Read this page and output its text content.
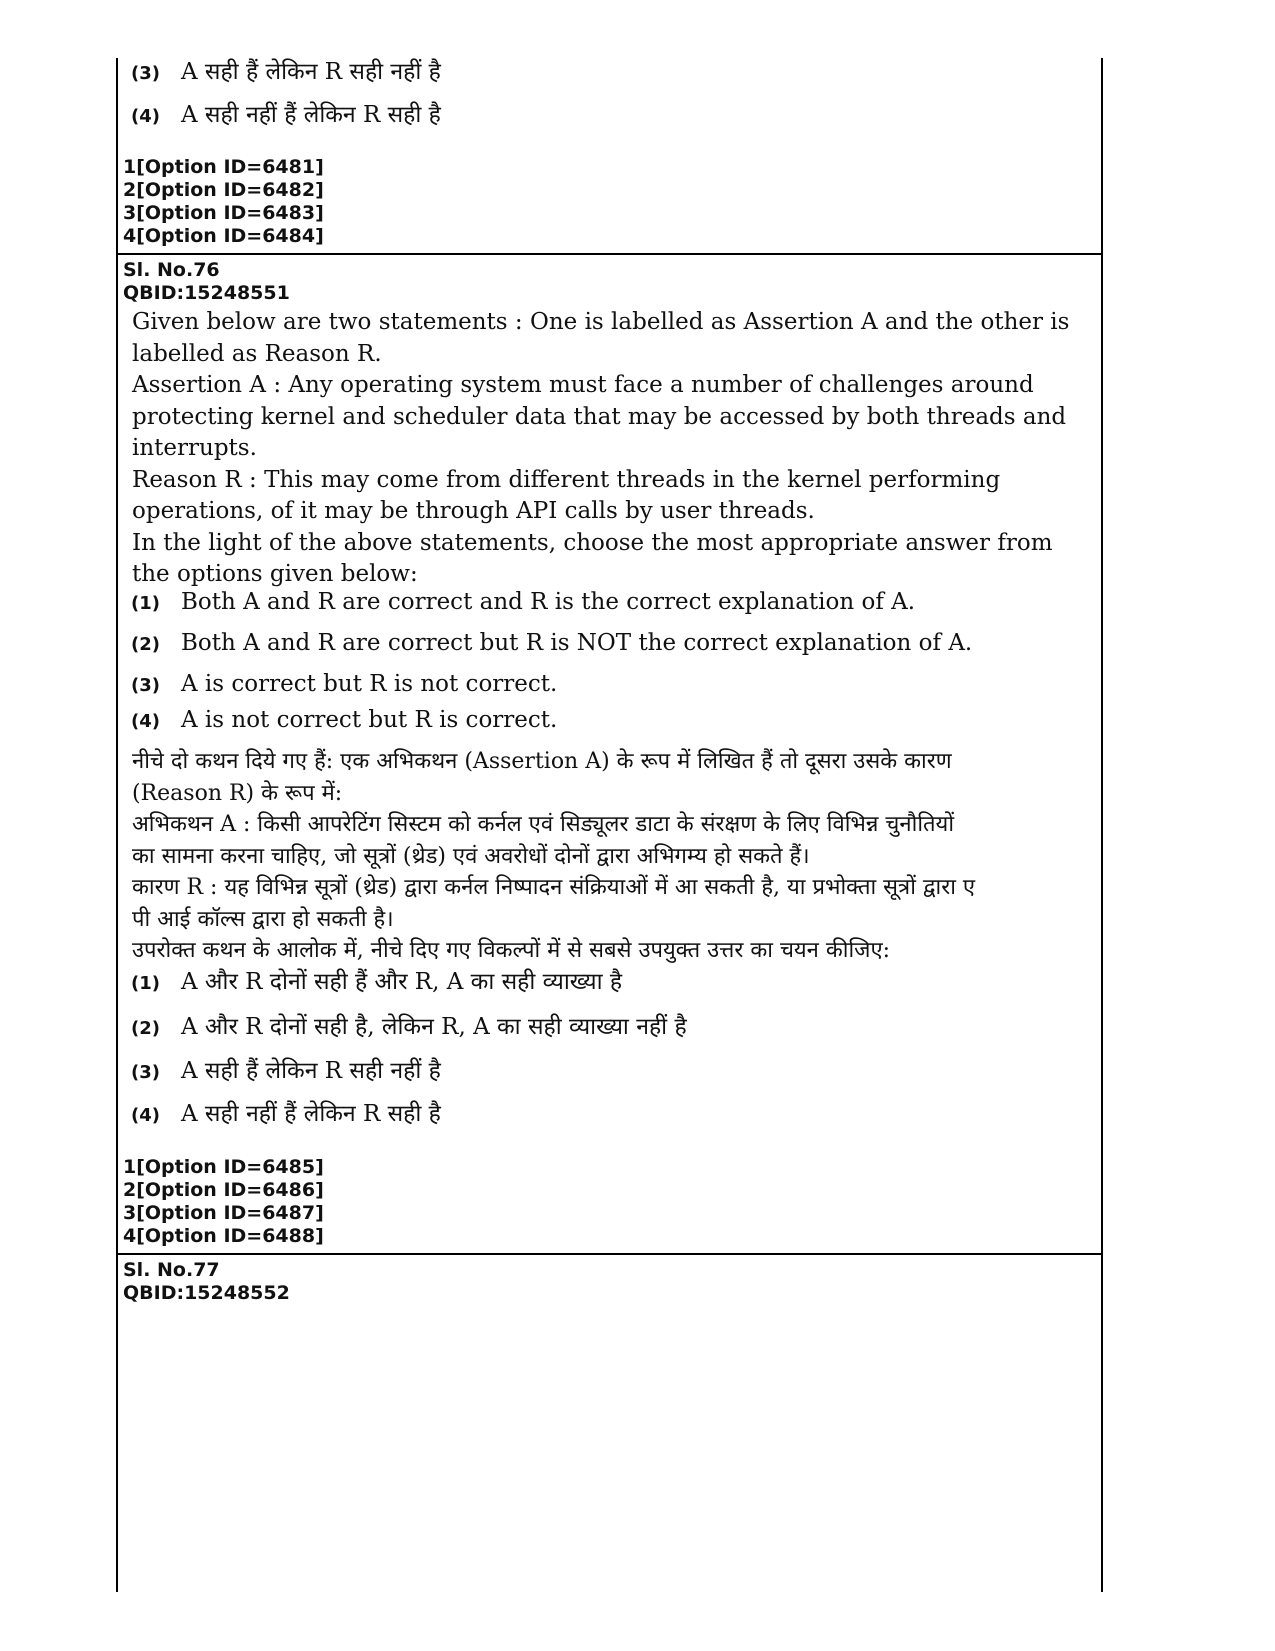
(3) A सही हैं लेकिन R सही नहीं है
(4) A सही नहीं हैं लेकिन R सही है
1[Option ID=6481]
2[Option ID=6482]
3[Option ID=6483]
4[Option ID=6484]
Sl. No.76
QBID:15248551
Given below are two statements : One is labelled as Assertion A and the other is
labelled as Reason R.
Assertion A : Any operating system must face a number of challenges around
protecting kernel and scheduler data that may be accessed by both threads and
interrupts.
Reason R : This may come from different threads in the kernel performing
operations, of it may be through API calls by user threads.
In the light of the above statements, choose the most appropriate answer from
the options given below:
(1) Both A and R are correct and R is the correct explanation of A.
(2) Both A and R are correct but R is NOT the correct explanation of A.
(3) A is correct but R is not correct.
(4) A is not correct but R is correct.
नीचे दो कथन दिये गए हैं: एक अभिकथन (Assertion A) के रूप में लिखित हैं तो दूसरा उसके कारण
(Reason R) के रूप में:
अभिकथन A : किसी आपरेटिंग सिस्टम को कर्नल एवं सिड्यूलर डाटा के संरक्षण के लिए विभिन्न चुनौतियों
का सामना करना चाहिए, जो सूत्रों (थ्रेड) एवं अवरोधों दोनों द्वारा अभिगम्य हो सकते हैं।
कारण R : यह विभिन्न सूत्रों (थ्रेड) द्वारा कर्नल निष्पादन संक्रियाओं में आ सकती है, या प्रभोक्ता सूत्रों द्वारा ए
पी आई कॉल्स द्वारा हो सकती है।
उपरोक्त कथन के आलोक में, नीचे दिए गए विकल्पों में से सबसे उपयुक्त उत्तर का चयन कीजिए:
(1) A और R दोनों सही हैं और R, A का सही व्याख्या है
(2) A और R दोनों सही है, लेकिन R, A का सही व्याख्या नहीं है
(3) A सही हैं लेकिन R सही नहीं है
(4) A सही नहीं हैं लेकिन R सही है
1[Option ID=6485]
2[Option ID=6486]
3[Option ID=6487]
4[Option ID=6488]
Sl. No.77
QBID:15248552
